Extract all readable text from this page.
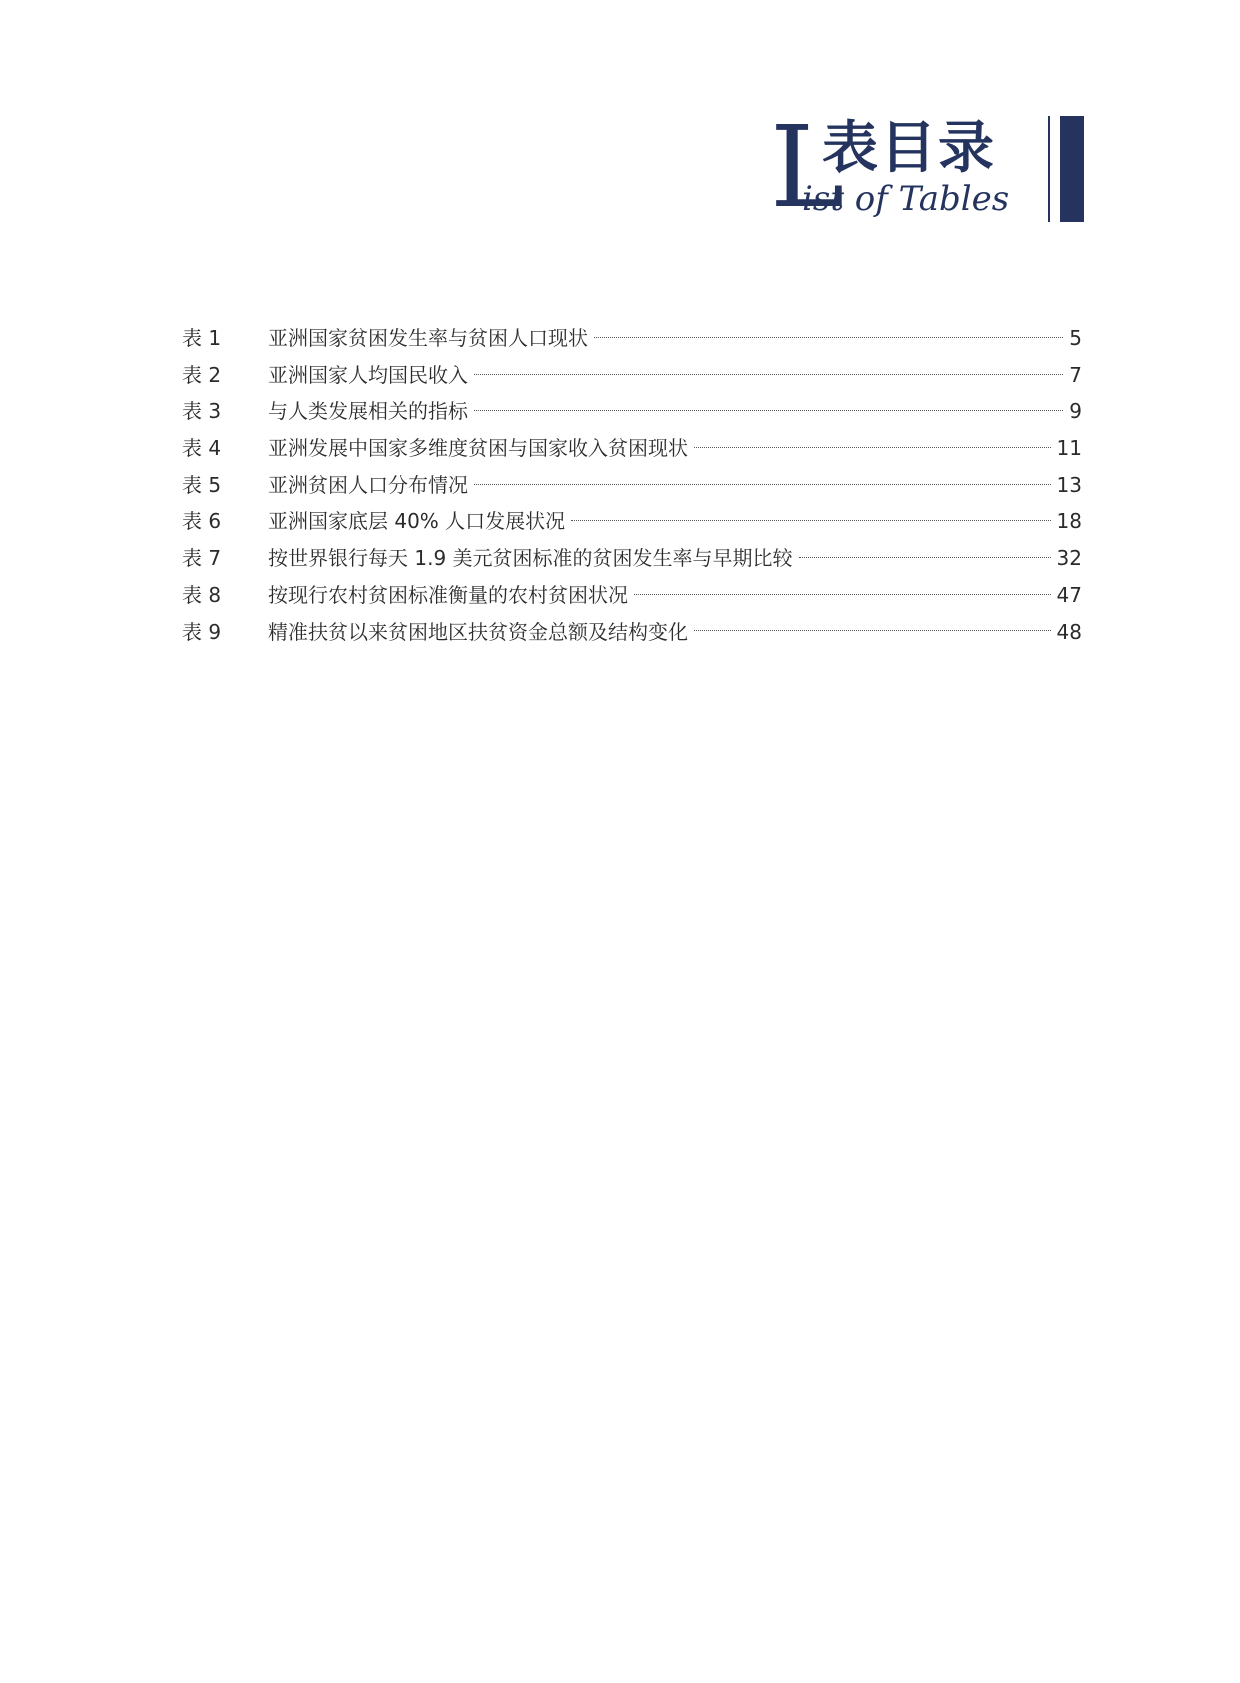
L
表目录
ist of Tables
表 1	亚洲国家贫困发生率与贫困人口现状	5
表 2	亚洲国家人均国民收入	7
表 3	与人类发展相关的指标	9
表 4	亚洲发展中国家多维度贫困与国家收入贫困现状	11
表 5	亚洲贫困人口分布情况	13
表 6	亚洲国家底层 40% 人口发展状况	18
表 7	按世界银行每天 1.9 美元贫困标准的贫困发生率与早期比较	32
表 8	按现行农村贫困标准衡量的农村贫困状况	47
表 9	精准扶贫以来贫困地区扶贫资金总额及结构变化	48
